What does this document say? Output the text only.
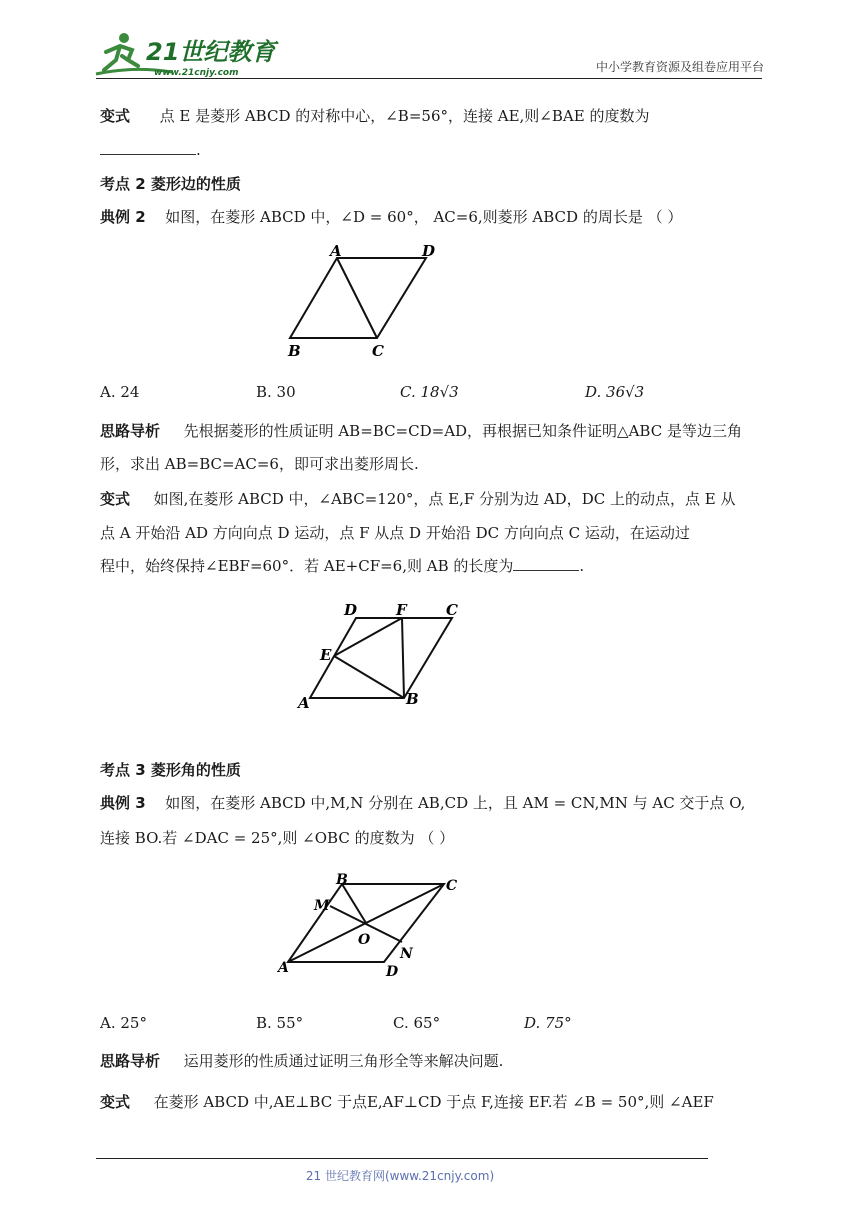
21世纪教育
www.21cnjy.com	中小学教育资源及组卷应用平台
变式 点 E 是菱形 ABCD 的对称中心，∠B=56°，连接 AE,则∠BAE 的度数为
.
考点 2 菱形边的性质
典例 2 如图，在菱形 ABCD 中，∠D = 60°， AC=6,则菱形 ABCD 的周长是 （ ）
A	D
B	C
A. 24	B. 30	C. 18√3	D. 36√3
思路导析 先根据菱形的性质证明 AB=BC=CD=AD，再根据已知条件证明△ABC 是等边三角
形，求出 AB=BC=AC=6，即可求出菱形周长.
变式 如图,在菱形 ABCD 中，∠ABC=120°，点 E,F 分别为边 AD，DC 上的动点，点 E 从
点 A 开始沿 AD 方向向点 D 运动，点 F 从点 D 开始沿 DC 方向向点 C 运动，在运动过
程中，始终保持∠EBF=60°．若 AE+CF=6,则 AB 的长度为	.
D	F	C
E
A	B
考点 3 菱形角的性质
典例 3 如图，在菱形 ABCD 中,M,N 分别在 AB,CD 上，且 AM = CN,MN 与 AC 交于点 O,
连接 BO.若 ∠DAC = 25°,则 ∠OBC 的度数为 （ ）
B	C
M
O
N
A	D
A. 25°	B. 55°	C. 65°	D. 75°
思路导析 运用菱形的性质通过证明三角形全等来解决问题.
变式 在菱形 ABCD 中,AE⊥BC 于点E,AF⊥CD 于点 F,连接 EF.若 ∠B = 50°,则 ∠AEF
21 世纪教育网(www.21cnjy.com)
